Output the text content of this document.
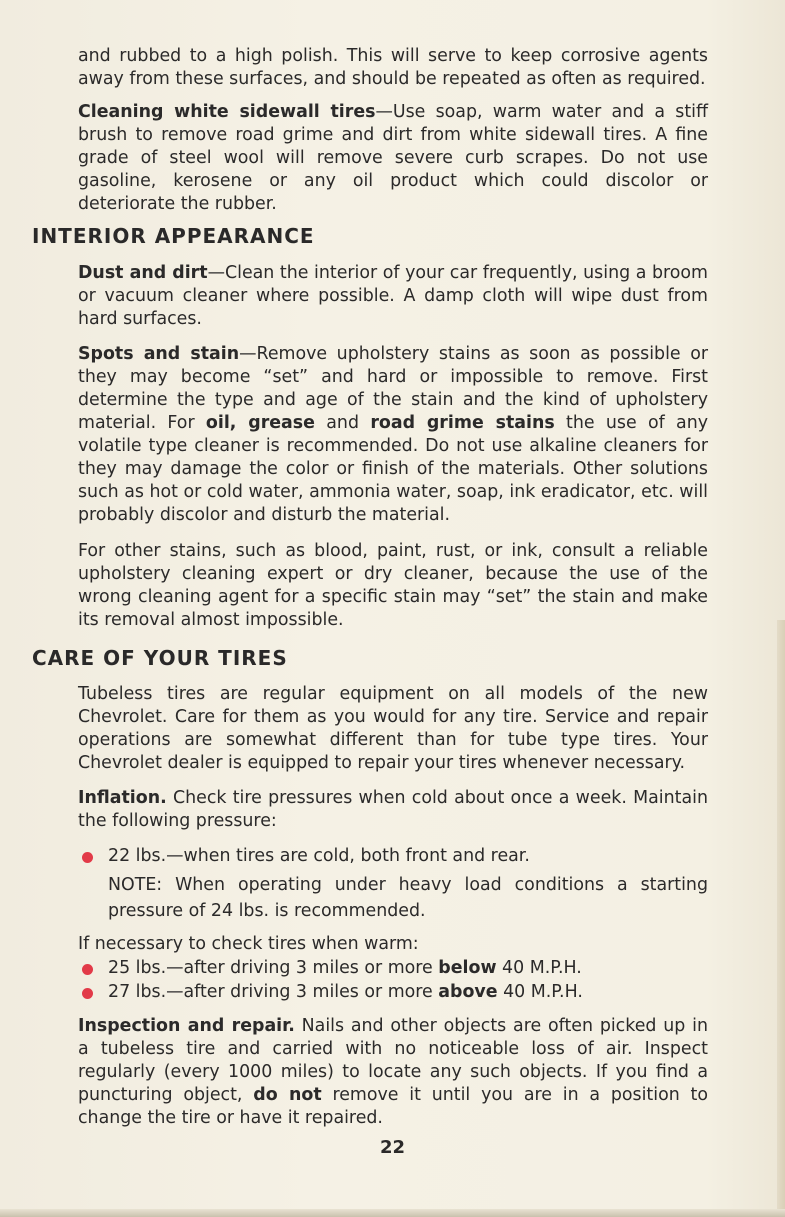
and rubbed to a high polish. This will serve to keep corrosive agents away from these surfaces, and should be repeated as often as required.

Cleaning white sidewall tires—Use soap, warm water and a stiff brush to remove road grime and dirt from white sidewall tires. A fine grade of steel wool will remove severe curb scrapes. Do not use gasoline, kerosene or any oil product which could discolor or deteriorate the rubber.

INTERIOR APPEARANCE

Dust and dirt—Clean the interior of your car frequently, using a broom or vacuum cleaner where possible. A damp cloth will wipe dust from hard surfaces.

Spots and stain—Remove upholstery stains as soon as possible or they may become “set” and hard or impossible to remove. First determine the type and age of the stain and the kind of upholstery material. For oil, grease and road grime stains the use of any volatile type cleaner is recommended. Do not use alkaline cleaners for they may damage the color or finish of the materials. Other solutions such as hot or cold water, ammonia water, soap, ink eradicator, etc. will probably discolor and disturb the material.

For other stains, such as blood, paint, rust, or ink, consult a reliable upholstery cleaning expert or dry cleaner, because the use of the wrong cleaning agent for a specific stain may “set” the stain and make its removal almost impossible.

CARE OF YOUR TIRES

Tubeless tires are regular equipment on all models of the new Chevrolet. Care for them as you would for any tire. Service and repair operations are somewhat different than for tube type tires. Your Chevrolet dealer is equipped to repair your tires whenever necessary.

Inflation. Check tire pressures when cold about once a week. Maintain the following pressure:

22 lbs.—when tires are cold, both front and rear.

NOTE: When operating under heavy load conditions a starting pressure of 24 lbs. is recommended.

If necessary to check tires when warm:

25 lbs.—after driving 3 miles or more below 40 M.P.H.
27 lbs.—after driving 3 miles or more above 40 M.P.H.

Inspection and repair. Nails and other objects are often picked up in a tubeless tire and carried with no noticeable loss of air. Inspect regularly (every 1000 miles) to locate any such objects. If you find a puncturing object, do not remove it until you are in a position to change the tire or have it repaired.

22
